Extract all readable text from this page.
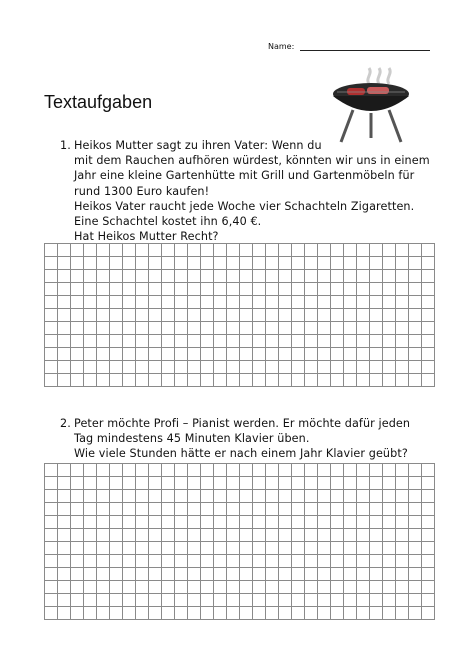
Name:
Textaufgaben
1. Heikos Mutter sagt zu ihren Vater: Wenn du
mit dem Rauchen aufhören würdest, könnten wir uns in einem
Jahr eine kleine Gartenhütte mit Grill und Gartenmöbeln für
rund 1300 Euro kaufen!
Heikos Vater raucht jede Woche vier Schachteln Zigaretten.
Eine Schachtel kostet ihn 6,40 €.
Hat Heikos Mutter Recht?
2. Peter möchte Profi – Pianist werden. Er möchte dafür jeden
Tag mindestens 45 Minuten Klavier üben.
Wie viele Stunden hätte er nach einem Jahr Klavier geübt?
